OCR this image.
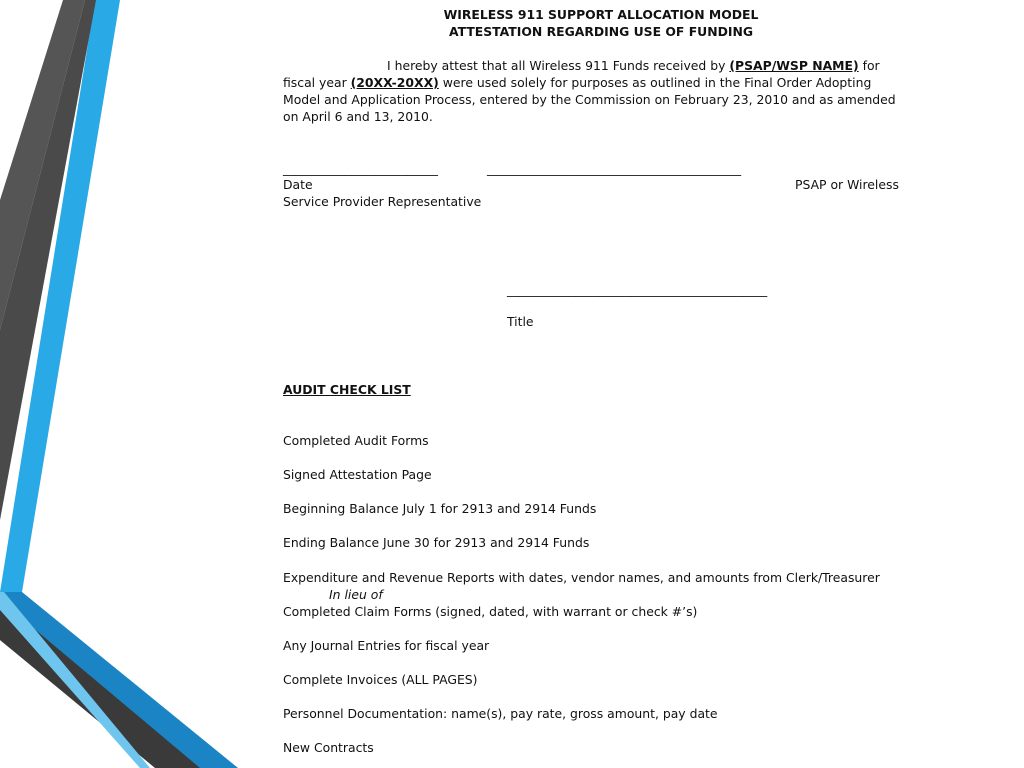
WIRELESS 911 SUPPORT ALLOCATION MODEL
ATTESTATION REGARDING USE OF FUNDING
I hereby attest that all Wireless 911 Funds received by (PSAP/WSP NAME) for fiscal year (20XX-20XX) were used solely for purposes as outlined in the Final Order Adopting Model and Application Process, entered by the Commission on February 23, 2010 and as amended on April 6 and 13, 2010.
_________________________	_________________________________________
Date	PSAP or Wireless
Service Provider Representative
__________________________________________
Title
AUDIT CHECK LIST
Completed Audit Forms
Signed Attestation Page
Beginning Balance July 1 for 2913 and 2914 Funds
Ending Balance June 30 for 2913 and 2914 Funds
Expenditure and Revenue Reports with dates, vendor names, and amounts from Clerk/Treasurer
In lieu of
Completed Claim Forms (signed, dated, with warrant or check #’s)
Any Journal Entries for fiscal year
Complete Invoices (ALL PAGES)
Personnel Documentation: name(s), pay rate, gross amount, pay date
New Contracts
